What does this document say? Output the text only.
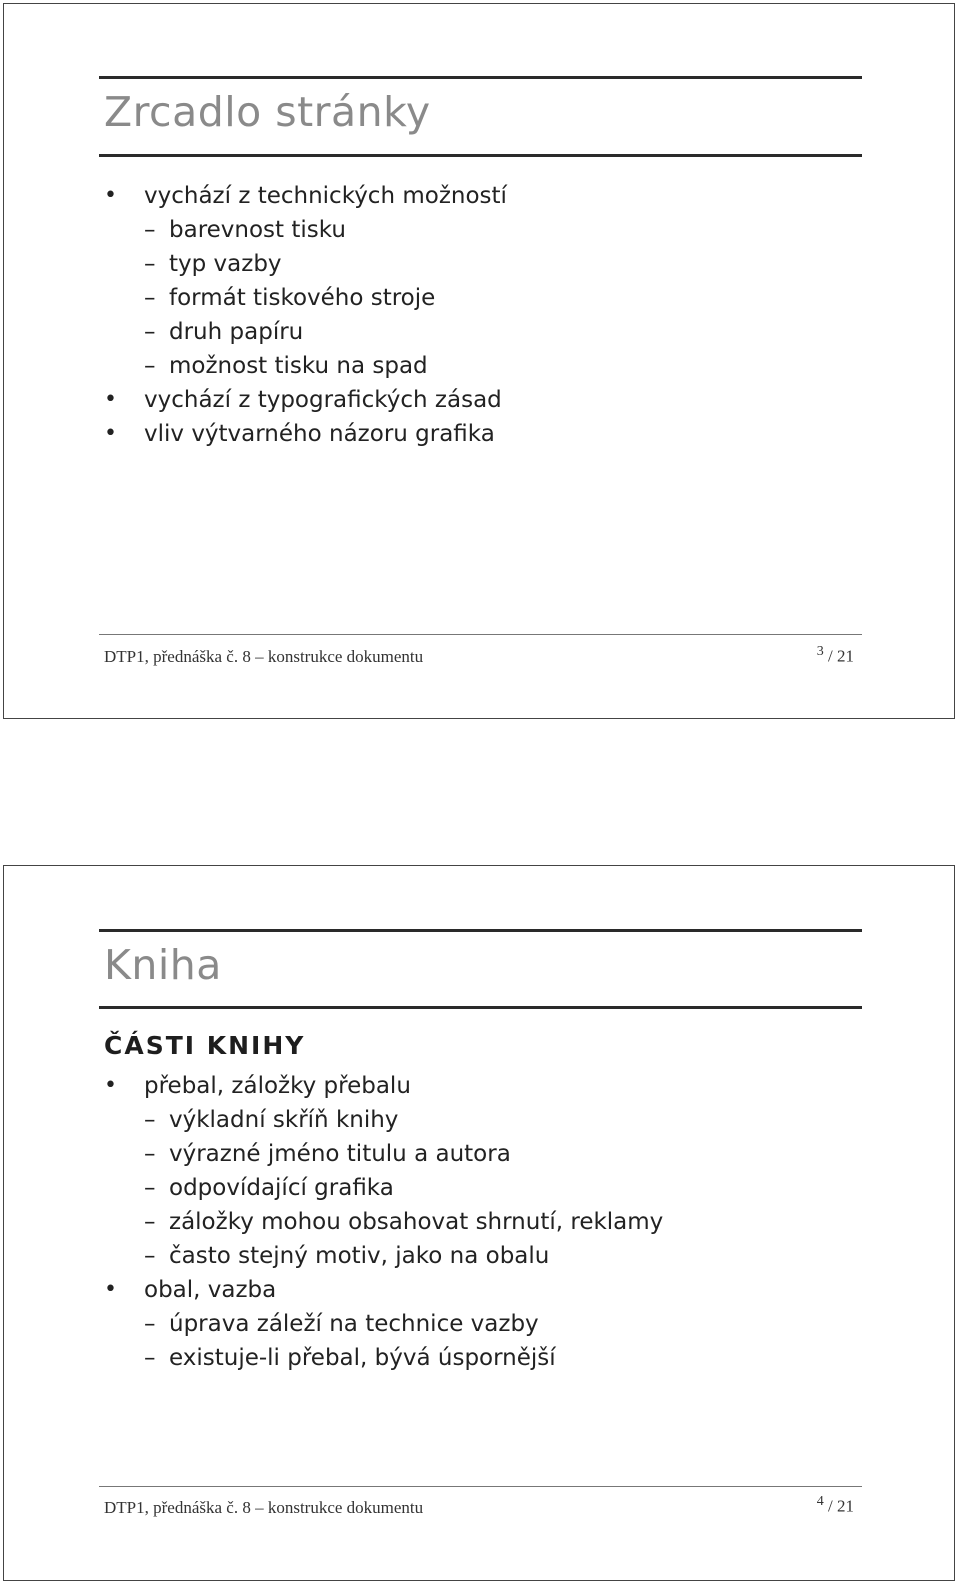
Zrcadlo stránky
• vychází z technických možností
– barevnost tisku
– typ vazby
– formát tiskového stroje
– druh papíru
– možnost tisku na spad
• vychází z typografických zásad
• vliv výtvarného názoru grafika
DTP1, přednáška č. 8 – konstrukce dokumentu	$^3$ / 21
Kniha
ČÁSTI KNIHY
• přebal, záložky přebalu
– výkladní skříň knihy
– výrazné jméno titulu a autora
– odpovídající grafika
– záložky mohou obsahovat shrnutí, reklamy
– často stejný motiv, jako na obalu
• obal, vazba
– úprava záleží na technice vazby
– existuje-li přebal, bývá úspornější
DTP1, přednáška č. 8 – konstrukce dokumentu	$^4$ / 21
